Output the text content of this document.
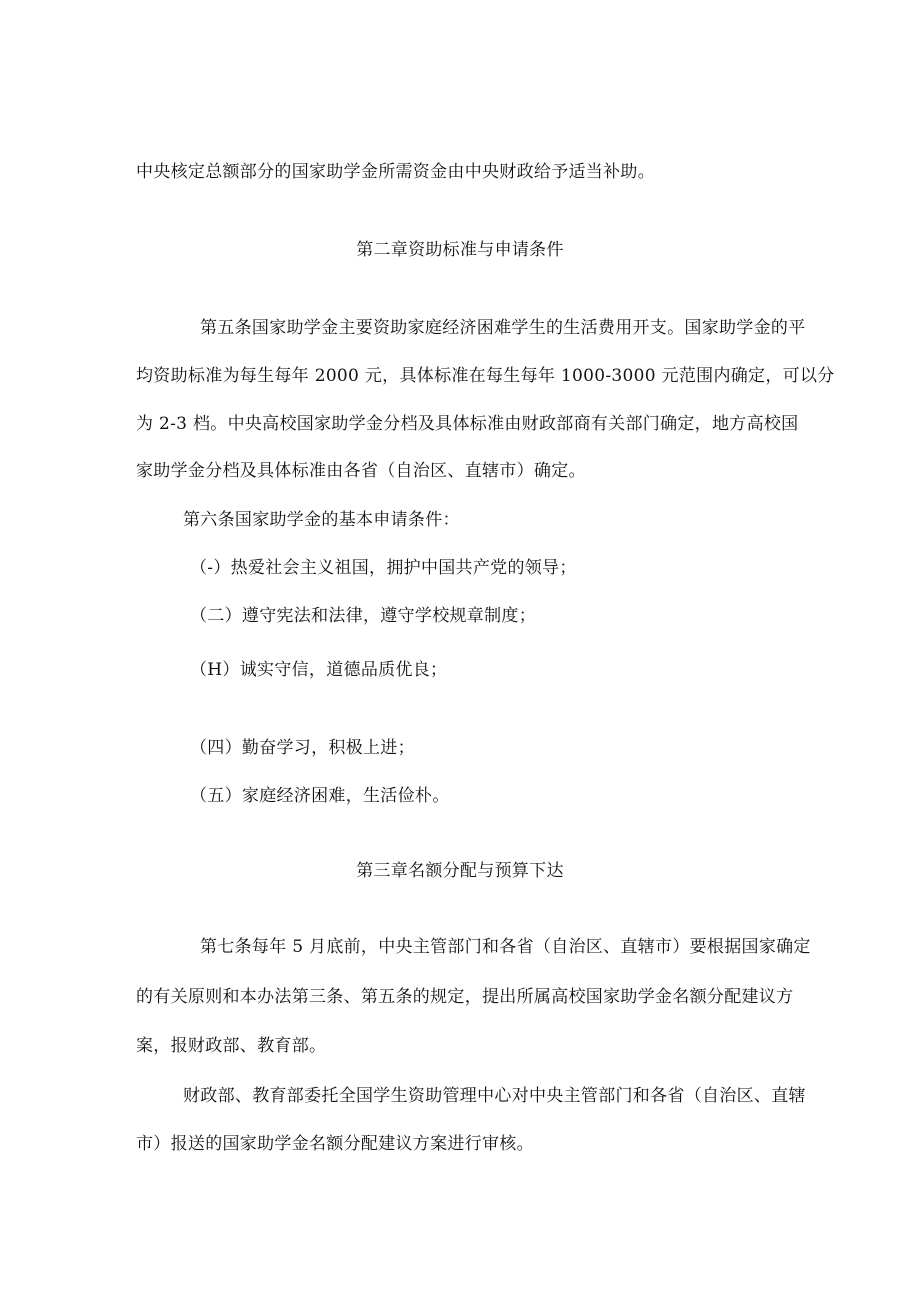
中央核定总额部分的国家助学金所需资金由中央财政给予适当补助。
第二章资助标准与申请条件
第五条国家助学金主要资助家庭经济困难学生的生活费用开支。国家助学金的平
均资助标准为每生每年 2000 元，具体标准在每生每年 1000-3000 元范围内确定，可以分
为 2-3 档。中央高校国家助学金分档及具体标准由财政部商有关部门确定，地方高校国
家助学金分档及具体标准由各省（自治区、直辖市）确定。
第六条国家助学金的基本申请条件：
（-）热爱社会主义祖国，拥护中国共产党的领导；
（二）遵守宪法和法律，遵守学校规章制度；
（H）诚实守信，道德品质优良；
（四）勤奋学习，积极上进；
（五）家庭经济困难，生活俭朴。
第三章名额分配与预算下达
第七条每年 5 月底前，中央主管部门和各省（自治区、直辖市）要根据国家确定
的有关原则和本办法第三条、第五条的规定，提出所属高校国家助学金名额分配建议方
案，报财政部、教育部。
财政部、教育部委托全国学生资助管理中心对中央主管部门和各省（自治区、直辖
市）报送的国家助学金名额分配建议方案进行审核。
